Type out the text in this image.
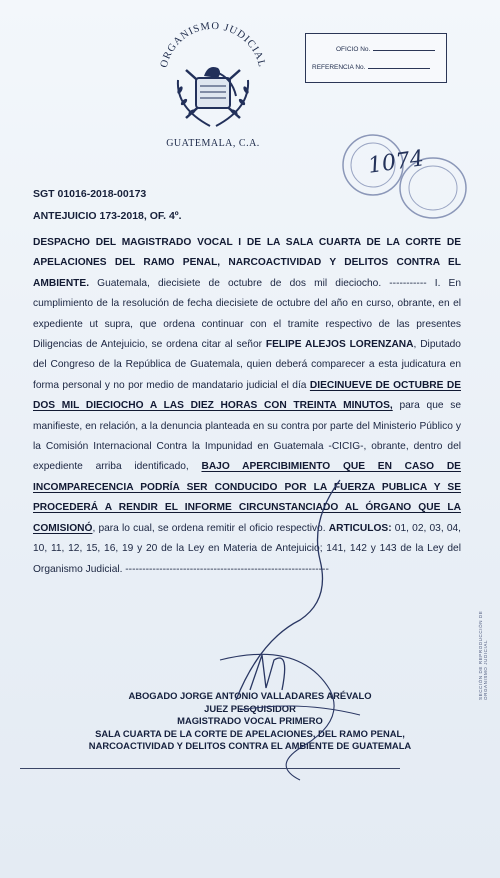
ORGANISMO JUDICIAL
GUATEMALA, C.A.
OFICIO No.
REFERENCIA No.
1074
SGT 01016-2018-00173
ANTEJUICIO 173-2018, OF. 4º.
DESPACHO DEL MAGISTRADO VOCAL I DE LA SALA CUARTA DE LA CORTE DE APELACIONES DEL RAMO PENAL, NARCOACTIVIDAD Y DELITOS CONTRA EL AMBIENTE. Guatemala, diecisiete de octubre de dos mil dieciocho. ----------- I. En cumplimiento de la resolución de fecha diecisiete de octubre del año en curso, obrante, en el expediente ut supra, que ordena continuar con el tramite respectivo de las presentes Diligencias de Antejuicio, se ordena citar al señor FELIPE ALEJOS LORENZANA, Diputado del Congreso de la República de Guatemala, quien deberá comparecer a esta judicatura en forma personal y no por medio de mandatario judicial el día DIECINUEVE DE OCTUBRE DE DOS MIL DIECIOCHO A LAS DIEZ HORAS CON TREINTA MINUTOS, para que se manifieste, en relación, a la denuncia planteada en su contra por parte del Ministerio Público y la Comisión Internacional Contra la Impunidad en Guatemala -CICIG-, obrante, dentro del expediente arriba identificado, BAJO APERCIBIMIENTO QUE EN CASO DE INCOMPARECENCIA PODRÍA SER CONDUCIDO POR LA FUERZA PUBLICA Y SE PROCEDERÁ A RENDIR EL INFORME CIRCUNSTANCIADO AL ÓRGANO QUE LA COMISIONÓ, para lo cual, se ordena remitir el oficio respectivo. ARTICULOS: 01, 02, 03, 04, 10, 11, 12, 15, 16, 19 y 20 de la Ley en Materia de Antejuicio; 141, 142 y 143 de la Ley del Organismo Judicial. ------------------------------------------------------------
ABOGADO JORGE ANTONIO VALLADARES ARÉVALO
JUEZ PESQUISIDOR
MAGISTRADO VOCAL PRIMERO
SALA CUARTA DE LA CORTE DE APELACIONES, DEL RAMO PENAL,
NARCOACTIVIDAD Y DELITOS CONTRA EL AMBIENTE DE GUATEMALA
SECCIÓN DE REPRODUCCIÓN DE ORGANISMO JUDICIAL
